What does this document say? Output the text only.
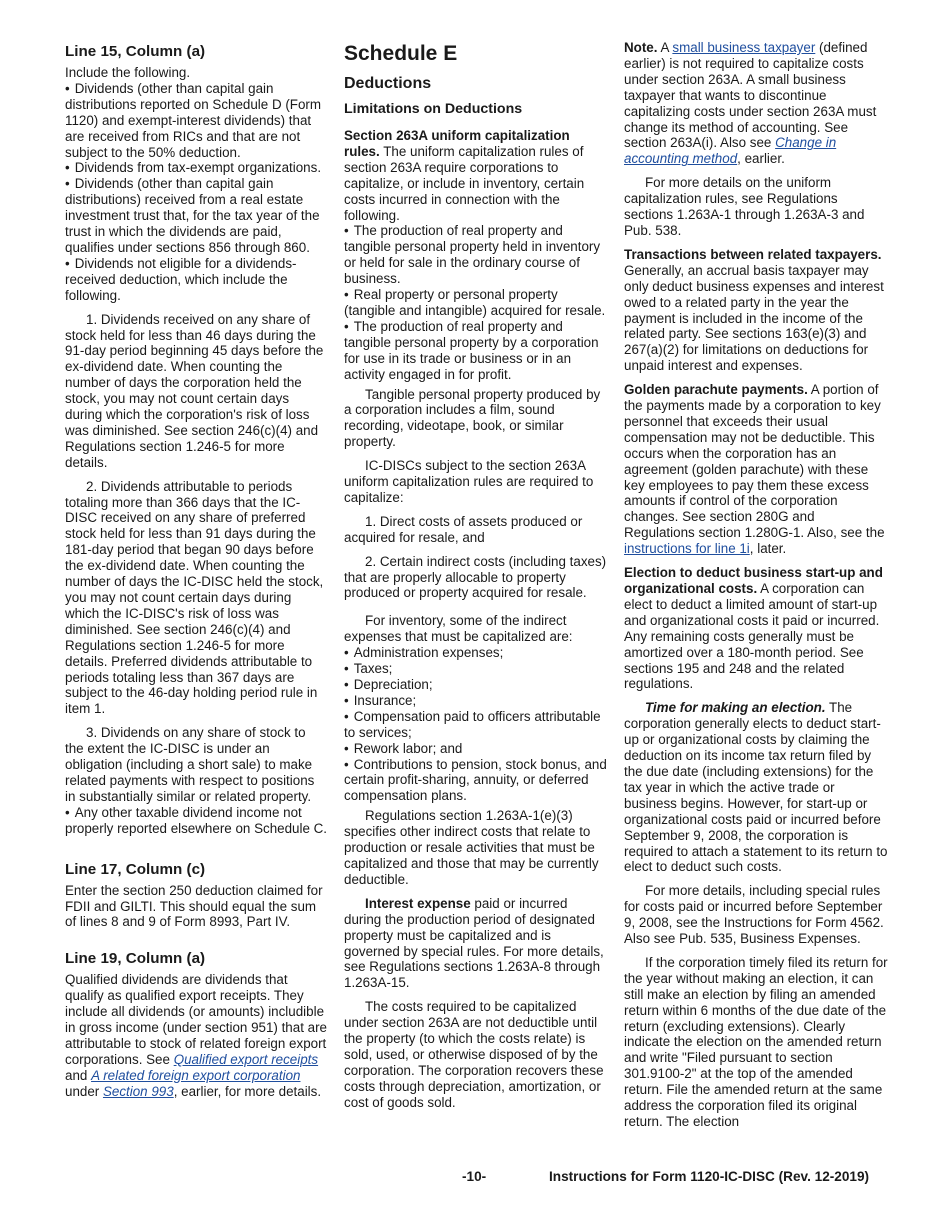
Line 15, Column (a)

Include the following.

• Dividends (other than capital gain distributions reported on Schedule D (Form 1120) and exempt-interest dividends) that are received from RICs and that are not subject to the 50% deduction.
• Dividends from tax-exempt organizations.
• Dividends (other than capital gain distributions) received from a real estate investment trust that, for the tax year of the trust in which the dividends are paid, qualifies under sections 856 through 860.
• Dividends not eligible for a dividends-received deduction, which include the following.

1. Dividends received on any share of stock held for less than 46 days during the 91-day period beginning 45 days before the ex-dividend date. When counting the number of days the corporation held the stock, you may not count certain days during which the corporation's risk of loss was diminished. See section 246(c)(4) and Regulations section 1.246-5 for more details.

2. Dividends attributable to periods totaling more than 366 days that the IC-DISC received on any share of preferred stock held for less than 91 days during the 181-day period that began 90 days before the ex-dividend date. When counting the number of days the IC-DISC held the stock, you may not count certain days during which the IC-DISC's risk of loss was diminished. See section 246(c)(4) and Regulations section 1.246-5 for more details. Preferred dividends attributable to periods totaling less than 367 days are subject to the 46-day holding period rule in item 1.

3. Dividends on any share of stock to the extent the IC-DISC is under an obligation (including a short sale) to make related payments with respect to positions in substantially similar or related property.

• Any other taxable dividend income not properly reported elsewhere on Schedule C.
Line 17, Column (c)

Enter the section 250 deduction claimed for FDII and GILTI. This should equal the sum of lines 8 and 9 of Form 8993, Part IV.

Line 19, Column (a)

Qualified dividends are dividends that qualify as qualified export receipts. They include all dividends (or amounts) includible in gross income (under section 951) that are attributable to stock of related foreign export corporations. See Qualified export receipts and A related foreign export corporation under Section 993, earlier, for more details.

Schedule E
Deductions
Limitations on Deductions

Section 263A uniform capitalization rules. The uniform capitalization rules of section 263A require corporations to capitalize, or include in inventory, certain costs incurred in connection with the following.

• The production of real property and tangible personal property held in inventory or held for sale in the ordinary course of business.
• Real property or personal property (tangible and intangible) acquired for resale.
• The production of real property and tangible personal property by a corporation for use in its trade or business or in an activity engaged in for profit.

Tangible personal property produced by a corporation includes a film, sound recording, videotape, book, or similar property.

IC-DISCs subject to the section 263A uniform capitalization rules are required to capitalize:

1. Direct costs of assets produced or acquired for resale, and

2. Certain indirect costs (including taxes) that are properly allocable to property produced or property acquired for resale.

For inventory, some of the indirect expenses that must be capitalized are:

• Administration expenses;
• Taxes;
• Depreciation;
• Insurance;
• Compensation paid to officers attributable to services;
• Rework labor; and
• Contributions to pension, stock bonus, and certain profit-sharing, annuity, or deferred compensation plans.

Regulations section 1.263A-1(e)(3) specifies other indirect costs that relate to production or resale activities that must be capitalized and those that may be currently deductible.

Interest expense paid or incurred during the production period of designated property must be capitalized and is governed by special rules. For more details, see Regulations sections 1.263A-8 through 1.263A-15.

The costs required to be capitalized under section 263A are not deductible until the property (to which the costs relate) is sold, used, or otherwise disposed of by the corporation. The corporation recovers these costs through depreciation, amortization, or cost of goods sold.

Note. A small business taxpayer (defined earlier) is not required to capitalize costs under section 263A. A small business taxpayer that wants to discontinue capitalizing costs under section 263A must change its method of accounting. See section 263A(i). Also see Change in accounting method, earlier.

For more details on the uniform capitalization rules, see Regulations sections 1.263A-1 through 1.263A-3 and Pub. 538.

Transactions between related taxpayers. Generally, an accrual basis taxpayer may only deduct business expenses and interest owed to a related party in the year the payment is included in the income of the related party. See sections 163(e)(3) and 267(a)(2) for limitations on deductions for unpaid interest and expenses.

Golden parachute payments. A portion of the payments made by a corporation to key personnel that exceeds their usual compensation may not be deductible. This occurs when the corporation has an agreement (golden parachute) with these key employees to pay them these excess amounts if control of the corporation changes. See section 280G and Regulations section 1.280G-1. Also, see the instructions for line 1i, later.

Election to deduct business start-up and organizational costs. A corporation can elect to deduct a limited amount of start-up and organizational costs it paid or incurred. Any remaining costs generally must be amortized over a 180-month period. See sections 195 and 248 and the related regulations.

Time for making an election. The corporation generally elects to deduct start-up or organizational costs by claiming the deduction on its income tax return filed by the due date (including extensions) for the tax year in which the active trade or business begins. However, for start-up or organizational costs paid or incurred before September 9, 2008, the corporation is required to attach a statement to its return to elect to deduct such costs.

For more details, including special rules for costs paid or incurred before September 9, 2008, see the Instructions for Form 4562. Also see Pub. 535, Business Expenses.

If the corporation timely filed its return for the year without making an election, it can still make an election by filing an amended return within 6 months of the due date of the return (excluding extensions). Clearly indicate the election on the amended return and write "Filed pursuant to section 301.9100-2" at the top of the amended return. File the amended return at the same address the corporation filed its original return. The election

-10-	Instructions for Form 1120-IC-DISC (Rev. 12-2019)
